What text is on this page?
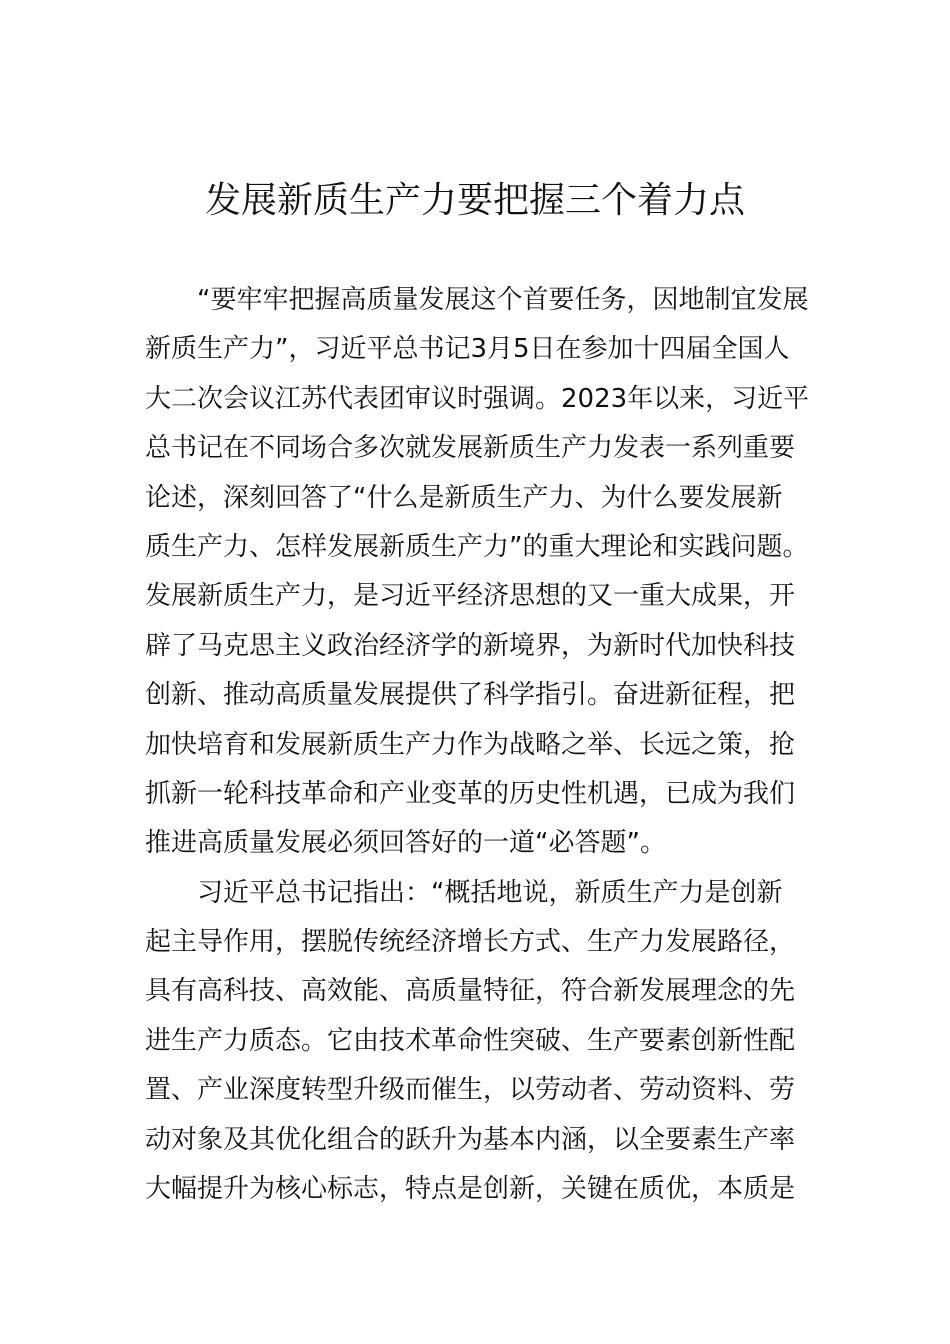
发展新质生产力要把握三个着力点
“要牢牢把握高质量发展这个首要任务，因地制宜发展
新质生产力”，习近平总书记3月5日在参加十四届全国人
大二次会议江苏代表团审议时强调。2023年以来，习近平
总书记在不同场合多次就发展新质生产力发表一系列重要
论述，深刻回答了“什么是新质生产力、为什么要发展新
质生产力、怎样发展新质生产力”的重大理论和实践问题。
发展新质生产力，是习近平经济思想的又一重大成果，开
辟了马克思主义政治经济学的新境界，为新时代加快科技
创新、推动高质量发展提供了科学指引。奋进新征程，把
加快培育和发展新质生产力作为战略之举、长远之策，抢
抓新一轮科技革命和产业变革的历史性机遇，已成为我们
推进高质量发展必须回答好的一道“必答题”。
习近平总书记指出：“概括地说，新质生产力是创新
起主导作用，摆脱传统经济增长方式、生产力发展路径，
具有高科技、高效能、高质量特征，符合新发展理念的先
进生产力质态。它由技术革命性突破、生产要素创新性配
置、产业深度转型升级而催生，以劳动者、劳动资料、劳
动对象及其优化组合的跃升为基本内涵，以全要素生产率
大幅提升为核心标志，特点是创新，关键在质优，本质是
